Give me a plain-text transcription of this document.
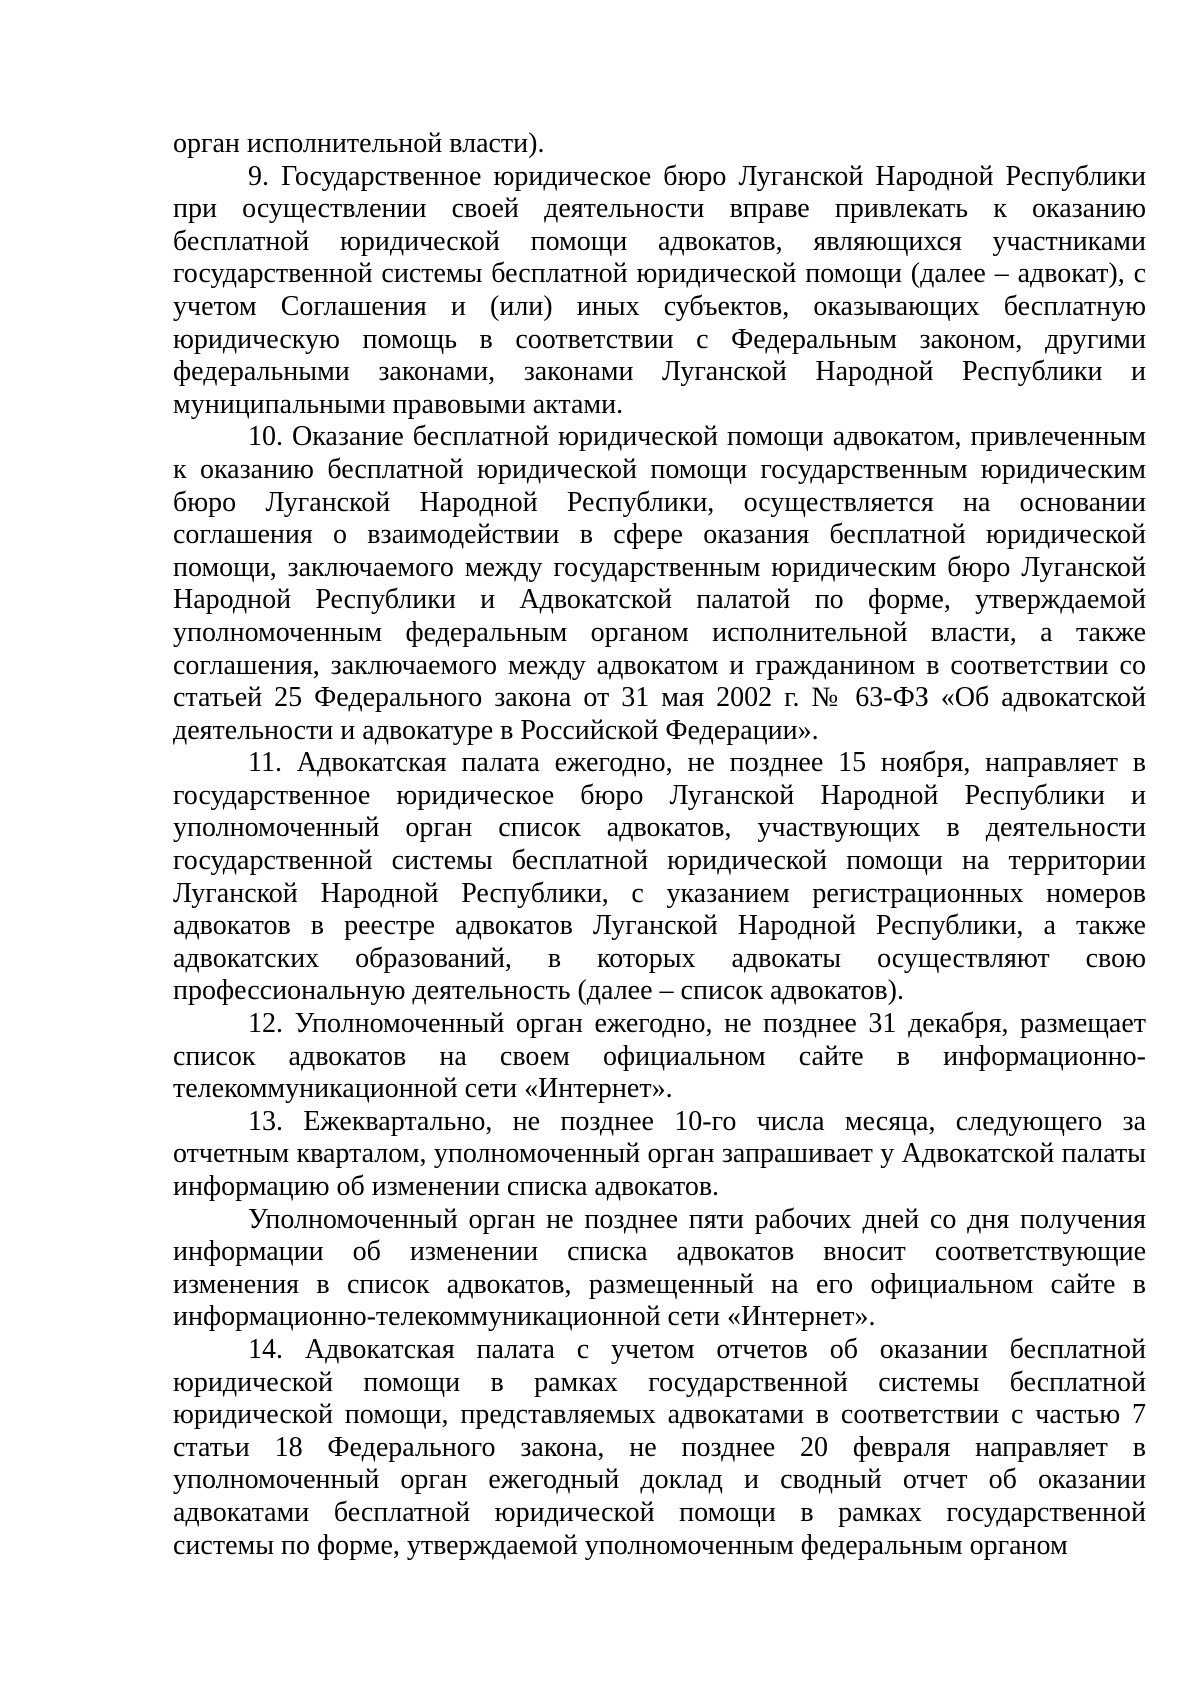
орган исполнительной власти).

9. Государственное юридическое бюро Луганской Народной Республики при осуществлении своей деятельности вправе привлекать к оказанию бесплатной юридической помощи адвокатов, являющихся участниками государственной системы бесплатной юридической помощи (далее – адвокат), с учетом Соглашения и (или) иных субъектов, оказывающих бесплатную юридическую помощь в соответствии с Федеральным законом, другими федеральными законами, законами Луганской Народной Республики и муниципальными правовыми актами.

10. Оказание бесплатной юридической помощи адвокатом, привлеченным к оказанию бесплатной юридической помощи государственным юридическим бюро Луганской Народной Республики, осуществляется на основании соглашения о взаимодействии в сфере оказания бесплатной юридической помощи, заключаемого между государственным юридическим бюро Луганской Народной Республики и Адвокатской палатой по форме, утверждаемой уполномоченным федеральным органом исполнительной власти, а также соглашения, заключаемого между адвокатом и гражданином в соответствии со статьей 25 Федерального закона от 31 мая 2002 г. № 63-ФЗ «Об адвокатской деятельности и адвокатуре в Российской Федерации».

11. Адвокатская палата ежегодно, не позднее 15 ноября, направляет в государственное юридическое бюро Луганской Народной Республики и уполномоченный орган список адвокатов, участвующих в деятельности государственной системы бесплатной юридической помощи на территории Луганской Народной Республики, с указанием регистрационных номеров адвокатов в реестре адвокатов Луганской Народной Республики, а также адвокатских образований, в которых адвокаты осуществляют свою профессиональную деятельность (далее – список адвокатов).

12. Уполномоченный орган ежегодно, не позднее 31 декабря, размещает список адвокатов на своем официальном сайте в информационно-телекоммуникационной сети «Интернет».

13. Ежеквартально, не позднее 10-го числа месяца, следующего за отчетным кварталом, уполномоченный орган запрашивает у Адвокатской палаты информацию об изменении списка адвокатов.

Уполномоченный орган не позднее пяти рабочих дней со дня получения информации об изменении списка адвокатов вносит соответствующие изменения в список адвокатов, размещенный на его официальном сайте в информационно-телекоммуникационной сети «Интернет».

14. Адвокатская палата с учетом отчетов об оказании бесплатной юридической помощи в рамках государственной системы бесплатной юридической помощи, представляемых адвокатами в соответствии с частью 7 статьи 18 Федерального закона, не позднее 20 февраля направляет в уполномоченный орган ежегодный доклад и сводный отчет об оказании адвокатами бесплатной юридической помощи в рамках государственной системы по форме, утверждаемой уполномоченным федеральным органом
